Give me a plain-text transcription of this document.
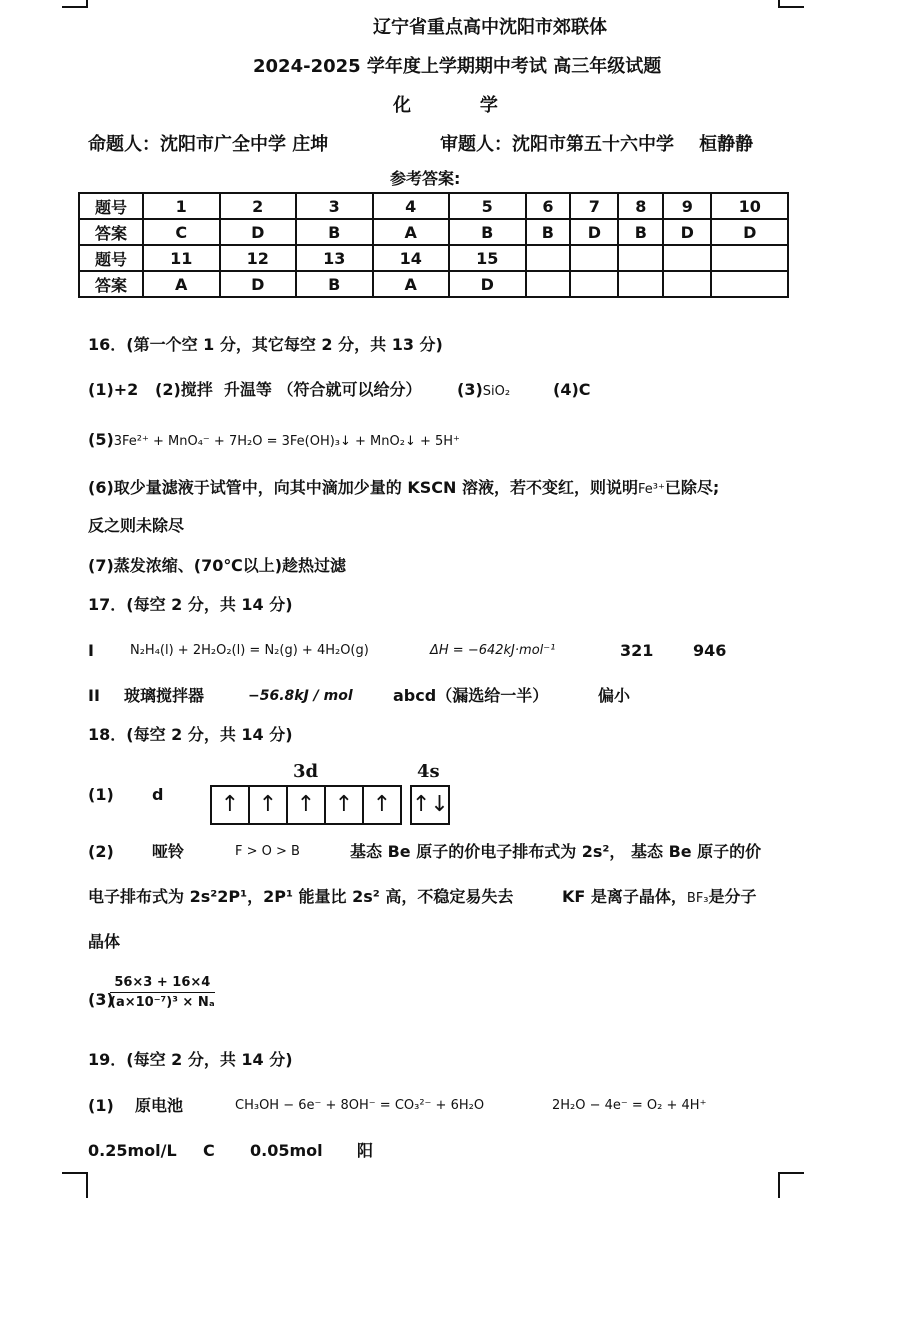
辽宁省重点高中沈阳市郊联体
2024-2025 学年度上学期期中考试 高三年级试题
化           学
命题人：沈阳市广全中学 庄坤	审题人：沈阳市第五十六中学    桓静静
参考答案:
题号	1	2	3	4	5	6	7	8	9	10
答案	C	D	B	A	B	B	D	B	D	D
题号	11	12	13	14	15					
答案	A	D	B	A	D					
16．(第一个空 1 分，其它每空 2 分，共 13 分)
(1)+2 (2)搅拌  升温等 （符合就可以给分） (3)SiO₂	(4)C
(5)3Fe²⁺ + MnO₄⁻ + 7H₂O = 3Fe(OH)₃↓ + MnO₂↓ + 5H⁺
(6)取少量滤液于试管中，向其中滴加少量的 KSCN 溶液，若不变红，则说明Fe³⁺已除尽;
反之则未除尽
(7)蒸发浓缩、(70℃以上)趁热过滤
17．(每空 2 分，共 14 分)
I	N₂H₄(l) + 2H₂O₂(l) = N₂(g) + 4H₂O(g)	ΔH = −642kJ·mol⁻¹	321 946
II 玻璃搅拌器	−56.8kJ / mol	abcd（漏选给一半）	偏小
18．(每空 2 分，共 14 分)
3d	4s
(1) d	↑ ↑ ↑ ↑ ↑ ↑↓
(2) 哑铃	F > O > B	基态 Be 原子的价电子排布式为 2s²， 基态 Be 原子的价
电子排布式为 2s²2P¹，2P¹ 能量比 2s² 高，不稳定易失去	KF 是离子晶体，BF₃是分子
晶体
(3)
$\frac{56\times 3 + 16\times 4}{\text{(a×10⁻⁷)³ × Nₐ}}$
19．(每空 2 分，共 14 分)
(1) 原电池	CH₃OH − 6e⁻ + 8OH⁻ = CO₃²⁻ + 6H₂O	2H₂O − 4e⁻ = O₂ + 4H⁺
0.25mol/L C 0.05mol 阳
